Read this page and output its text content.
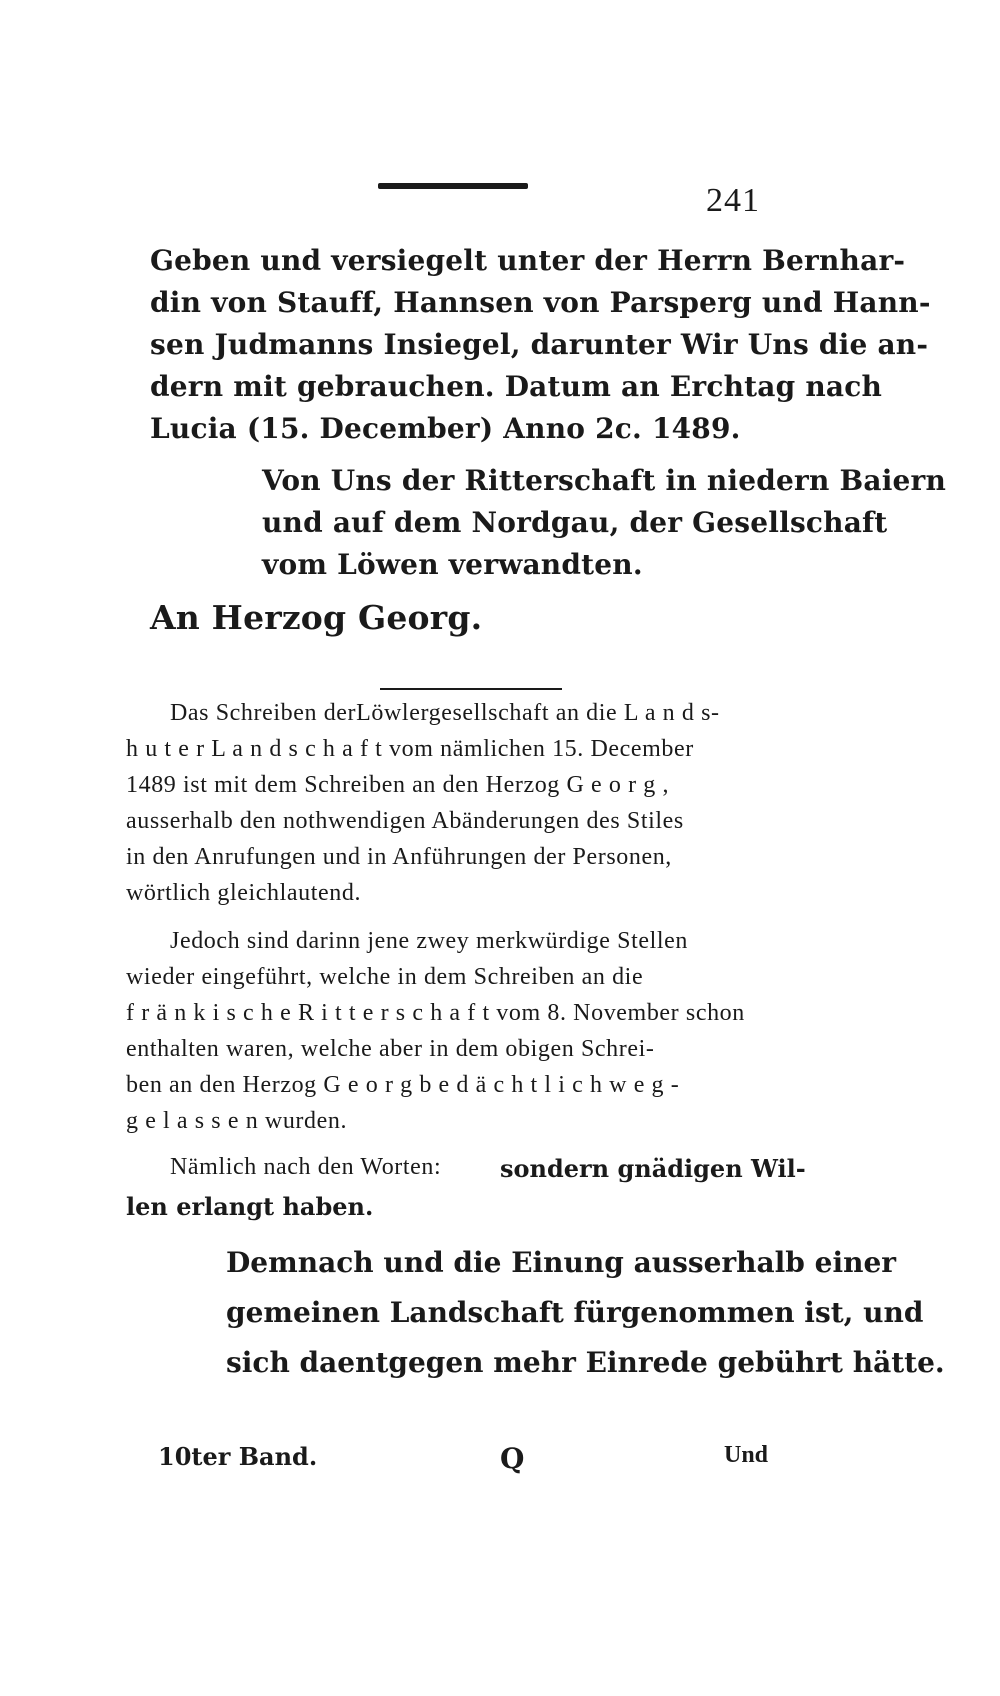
241
Geben und versiegelt unter der Herrn Bernhar-
din von Stauff, Hannsen von Parsperg und Hann-
sen Judmanns Insiegel, darunter Wir Uns die an-
dern mit gebrauchen. Datum an Erchtag nach
Lucia (15. December) Anno 2c. 1489.
Von Uns der Ritterschaft in niedern Baiern
und auf dem Nordgau, der Gesellschaft
vom Löwen verwandten.
An Herzog Georg.
Das Schreiben derLöwlergesellschaft an die L a n d s-
h u t e r L a n d s c h a f t vom nämlichen 15. December
1489 ist mit dem Schreiben an den Herzog G e o r g ,
ausserhalb den nothwendigen Abänderungen des Stiles
in den Anrufungen und in Anführungen der Personen,
wörtlich gleichlautend.
Jedoch sind darinn jene zwey merkwürdige Stellen
wieder eingeführt, welche in dem Schreiben an die
f r ä n k i s c h e R i t t e r s c h a f t vom 8. November schon
enthalten waren, welche aber in dem obigen Schrei-
ben an den Herzog G e o r g b e d ä c h t l i c h w e g -
g e l a s s e n wurden.
Nämlich nach den Worten: sondern gnädigen Wil-
len erlangt haben.
Demnach und die Einung ausserhalb einer
gemeinen Landschaft fürgenommen ist, und
sich daentgegen mehr Einrede gebührt hätte.
10ter Band.	Q	Und
